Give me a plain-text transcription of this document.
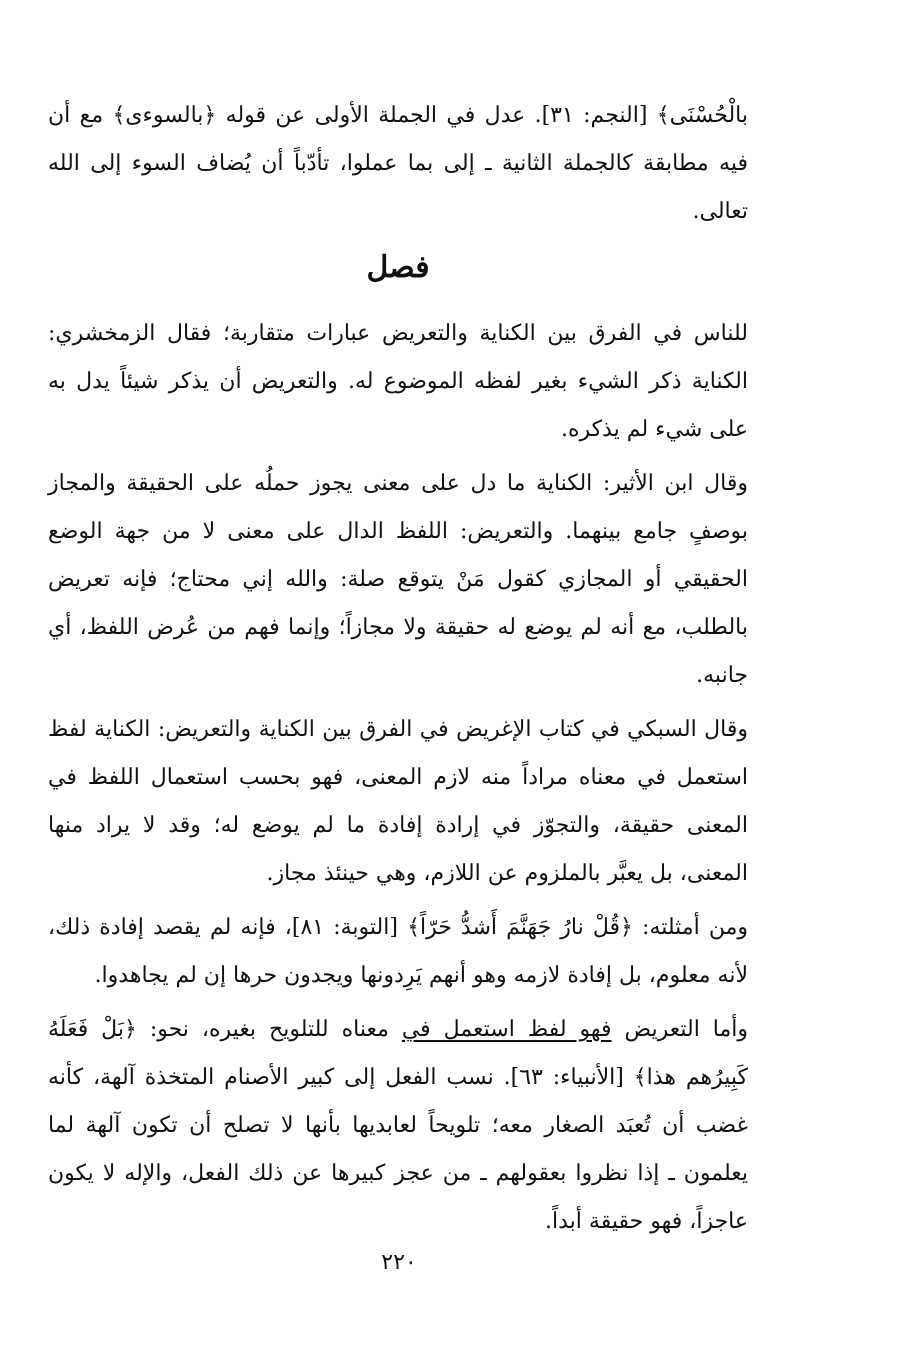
بالْحُسْنَى﴾ [النجم: ٣١]. عدل في الجملة الأولى عن قوله ﴿بالسوءى﴾ مع أن فيه مطابقة كالجملة الثانية ـ إلى بما عملوا، تأدّباً أن يُضاف السوء إلى الله تعالى.

فصل

للناس في الفرق بين الكناية والتعريض عبارات متقاربة؛ فقال الزمخشري: الكناية ذكر الشيء بغير لفظه الموضوع له. والتعريض أن يذكر شيئاً يدل به على شيء لم يذكره.

وقال ابن الأثير: الكناية ما دل على معنى يجوز حملُه على الحقيقة والمجاز بوصفٍ جامع بينهما. والتعريض: اللفظ الدال على معنى لا من جهة الوضع الحقيقي أو المجازي كقول مَنْ يتوقع صلة: والله إني محتاج؛ فإنه تعريض بالطلب، مع أنه لم يوضع له حقيقة ولا مجازاً؛ وإنما فهم من عُرض اللفظ، أي جانبه.

وقال السبكي في كتاب الإغريض في الفرق بين الكناية والتعريض: الكناية لفظ استعمل في معناه مراداً منه لازم المعنى، فهو بحسب استعمال اللفظ في المعنى حقيقة، والتجوّز في إرادة إفادة ما لم يوضع له؛ وقد لا يراد منها المعنى، بل يعبَّر بالملزوم عن اللازم، وهي حينئذ مجاز.

ومن أمثلته: ﴿قُلْ نارُ جَهَنَّمَ أَشدُّ حَرّاً﴾ [التوبة: ٨١]، فإنه لم يقصد إفادة ذلك، لأنه معلوم، بل إفادة لازمه وهو أنهم يَرِدونها ويجدون حرها إن لم يجاهدوا.

وأما التعريض فهو لفظ استعمل في معناه للتلويح بغيره، نحو: ﴿بَلْ فَعَلَهُ كَبِيرُهم هذا﴾ [الأنبياء: ٦٣]. نسب الفعل إلى كبير الأصنام المتخذة آلهة، كأنه غضب أن تُعبَد الصغار معه؛ تلويحاً لعابديها بأنها لا تصلح أن تكون آلهة لما يعلمون ـ إذا نظروا بعقولهم ـ من عجز كبيرها عن ذلك الفعل، والإله لا يكون عاجزاً، فهو حقيقة أبداً.

٢٢٠
